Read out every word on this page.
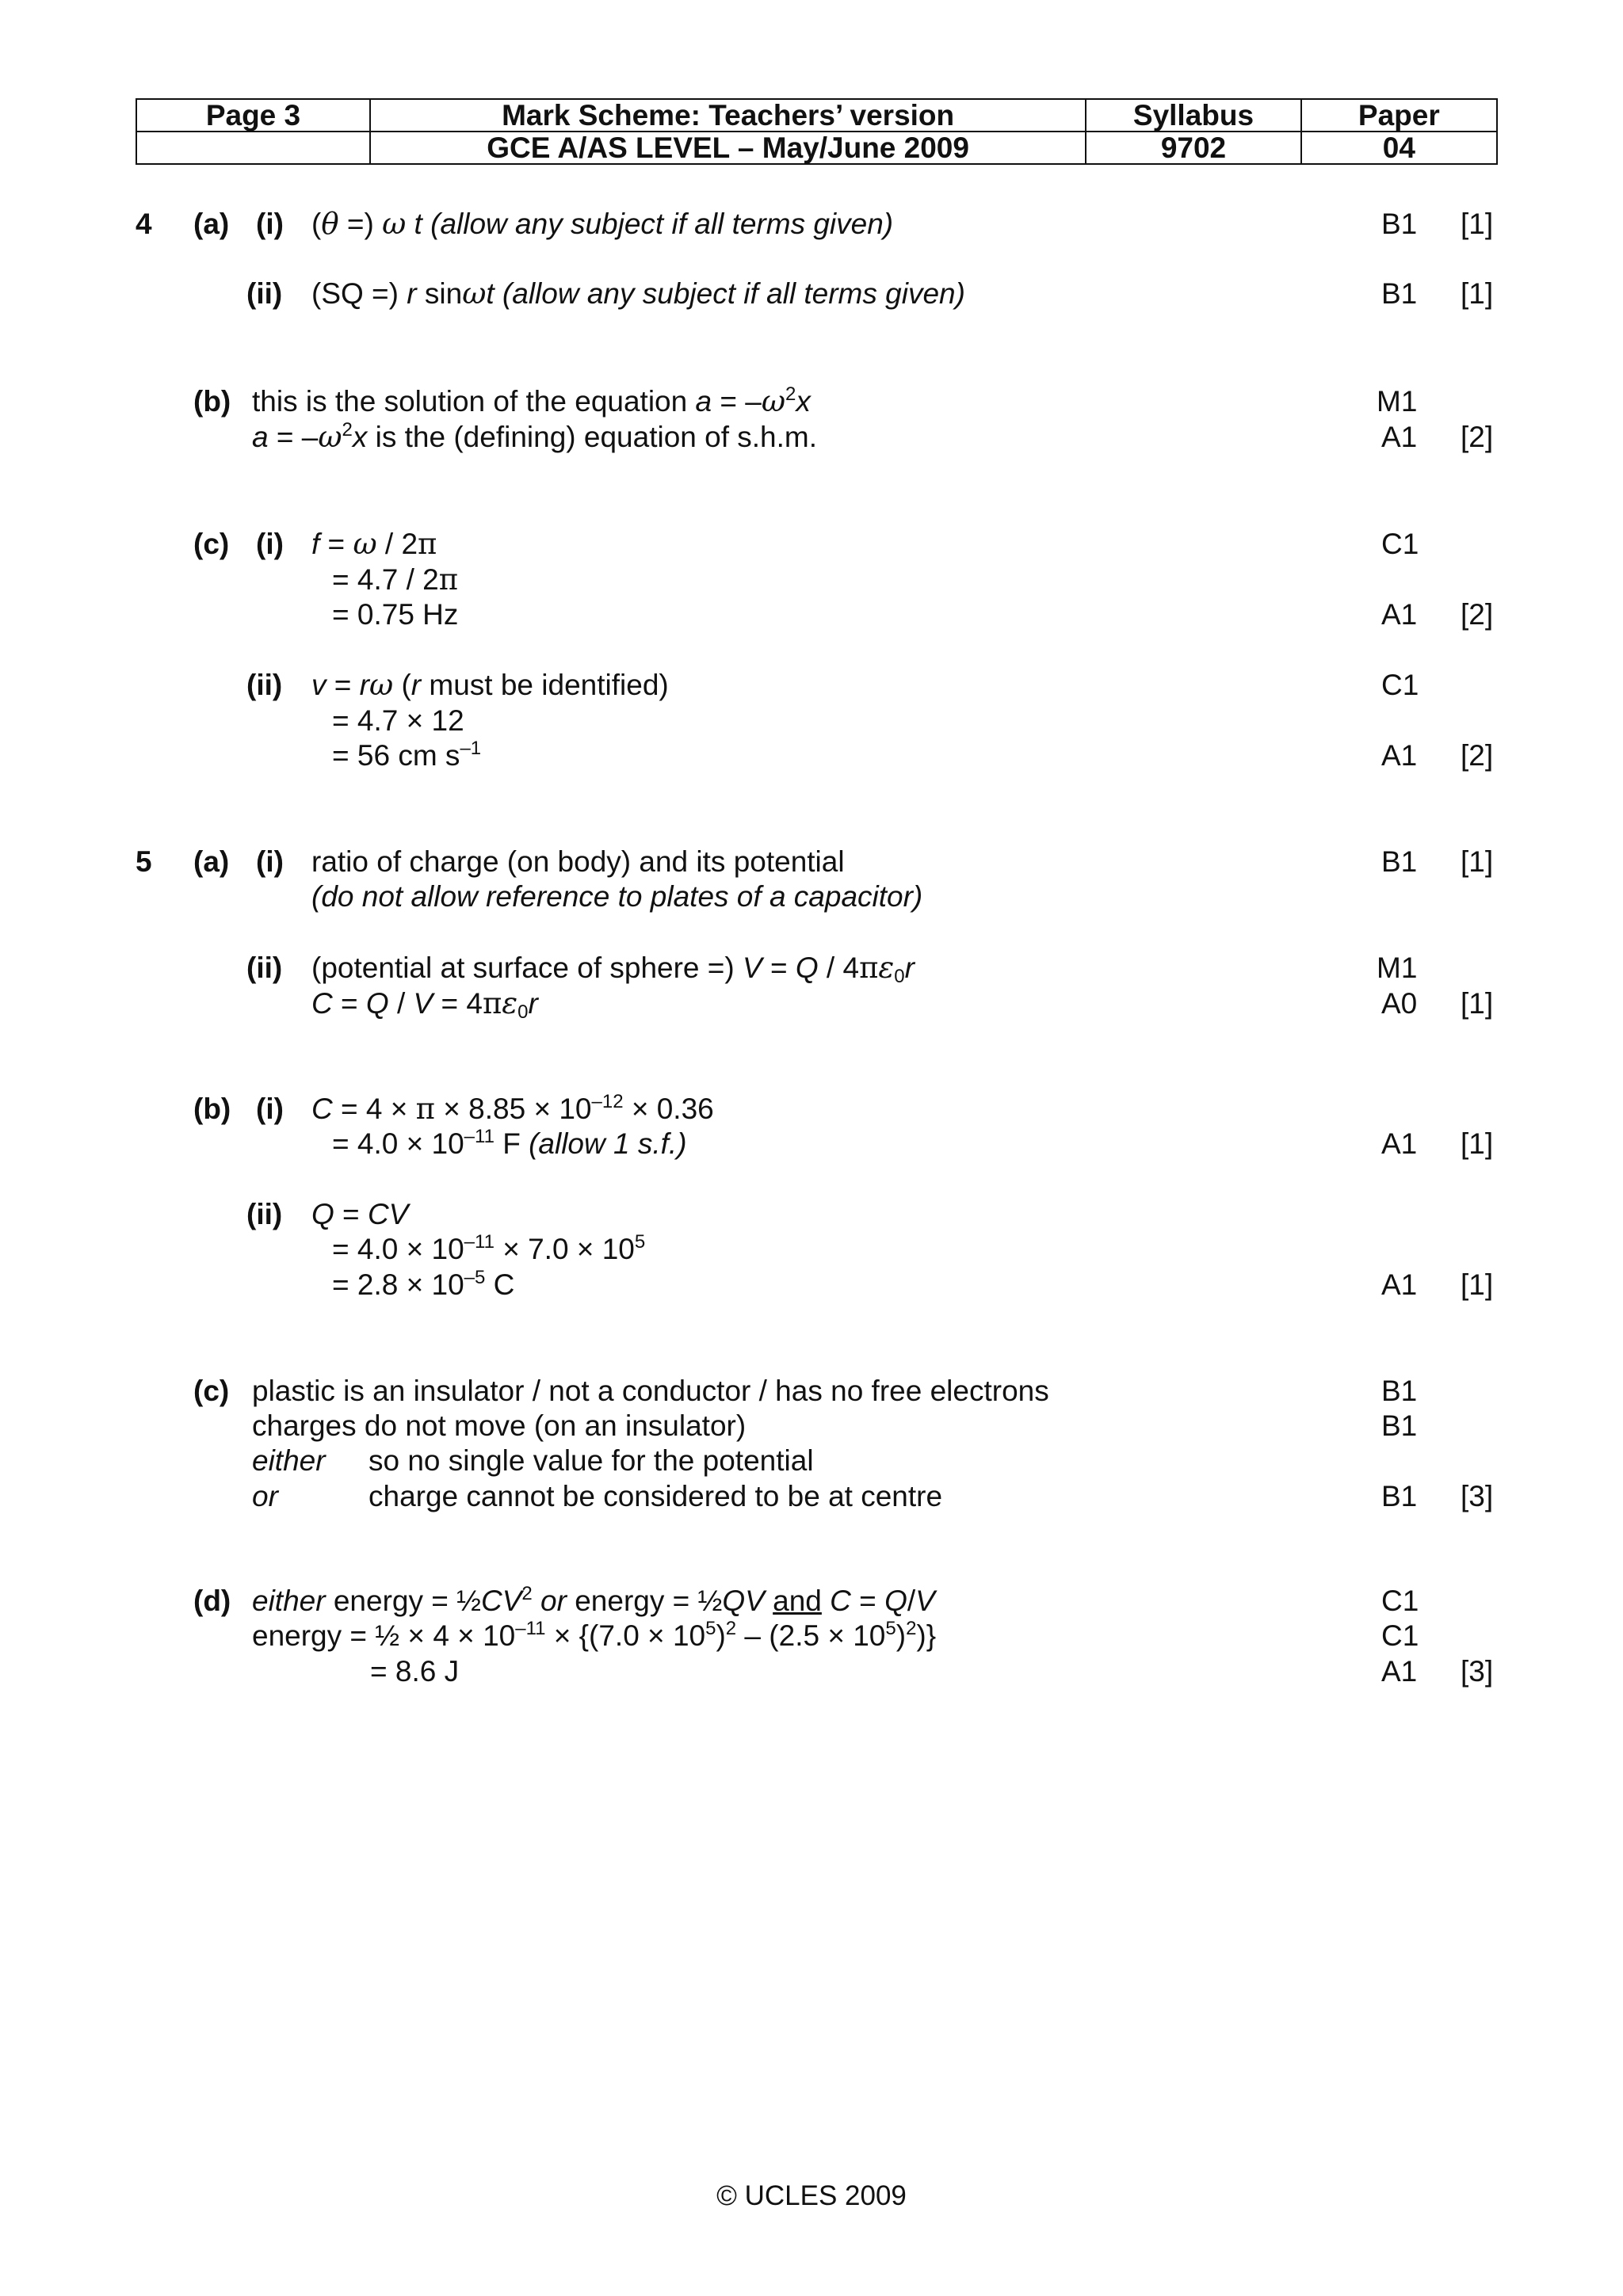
Page 3	Mark Scheme: Teachers’ version	Syllabus	Paper
	GCE A/AS LEVEL – May/June 2009	9702	04
4 (a) (i) (θ =) ω t (allow any subject if all terms given)	B1 [1]
(ii) (SQ =) r sinωt (allow any subject if all terms given)	B1 [1]
(b) this is the solution of the equation $a = -\omega^2x$	M1
$a = -\omega^2x$ is the (defining) equation of s.h.m.	A1 [2]
(c) (i) f = ω / 2π	C1
= 4.7 / 2π
= 0.75 Hz	A1 [2]
(ii) v = rω (r must be identified)	C1
= 4.7 × 12
= 56 cm $s^{-1}$	A1 [2]
5 (a) (i) ratio of charge (on body) and its potential
(do not allow reference to plates of a capacitor)
B1 [1]
(ii) (potential at surface of sphere =) $V = Q / 4\pi\varepsilon_0r$	M1
$C = Q / V = 4\pi\varepsilon_0r$	A0 [1]
(b) (i) $C = 4 \times \pi \times 8.85 \times 10^{-12} \times 0.36$
= $4.0 \times 10^{-11}$ F (allow 1 s.f.)	A1 [1]
(ii) Q = CV
= $4.0 \times 10^{-11} \times 7.0 \times 10^5$
= $2.8 \times 10^{-5}$ C	A1 [1]
(c) plastic is an insulator / not a conductor / has no free electrons	B1
charges do not move (on an insulator)	B1
either so no single value for the potential
or	charge cannot be considered to be at centre	B1 [3]
(d) either energy = $\frac{1}{2}CV^2$ or energy = ½QV and C = Q/V	C1
energy = ½ × $4 \times 10^{-11} \times \{(7.0 \times 10^5)^2 - (2.5 \times 10^5)^2)$}	C1
= 8.6 J	A1 [3]
© UCLES 2009
